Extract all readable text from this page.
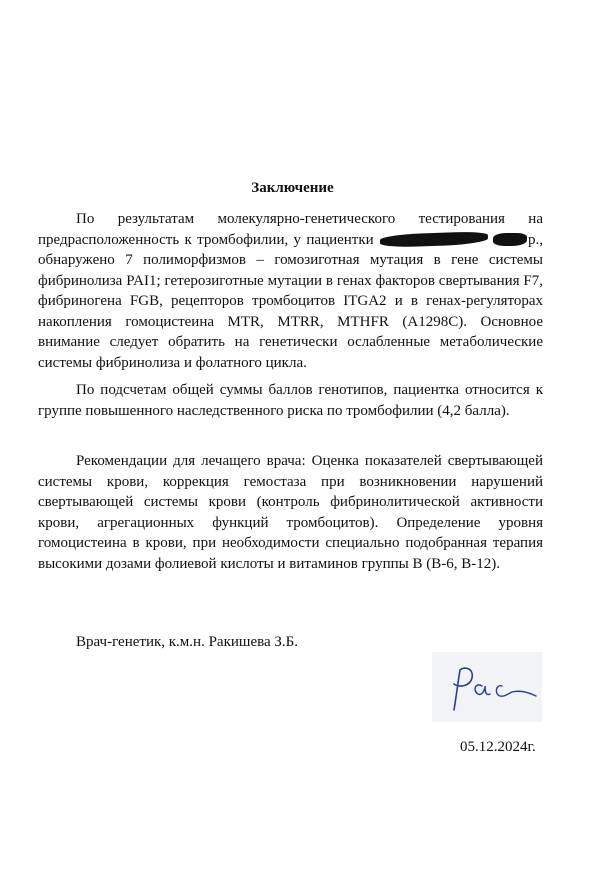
Заключение

По результатам молекулярно-генетического тестирования на предрасположенность к тромбофилии, у пациентки	р., обнаружено 7 полиморфизмов – гомозиготная мутация в гене системы фибринолиза PAI1; гетерозиготные мутации в генах факторов свертывания F7, фибриногена FGB, рецепторов тромбоцитов ITGA2 и в генах-регуляторах накопления гомоцистеина MTR, MTRR, MTHFR (A1298C). Основное внимание следует обратить на генетически ослабленные метаболические системы фибринолиза и фолатного цикла.

По подсчетам общей суммы баллов генотипов, пациентка относится к группе повышенного наследственного риска по тромбофилии (4,2 балла).

Рекомендации для лечащего врача: Оценка показателей свертывающей системы крови, коррекция гемостаза при возникновении нарушений свертывающей системы крови (контроль фибринолитической активности крови, агрегационных функций тромбоцитов). Определение уровня гомоцистеина в крови, при необходимости специально подобранная терапия высокими дозами фолиевой кислоты и витаминов группы В (В-6, В-12).

Врач-генетик, к.м.н. Ракишева З.Б.
05.12.2024г.
